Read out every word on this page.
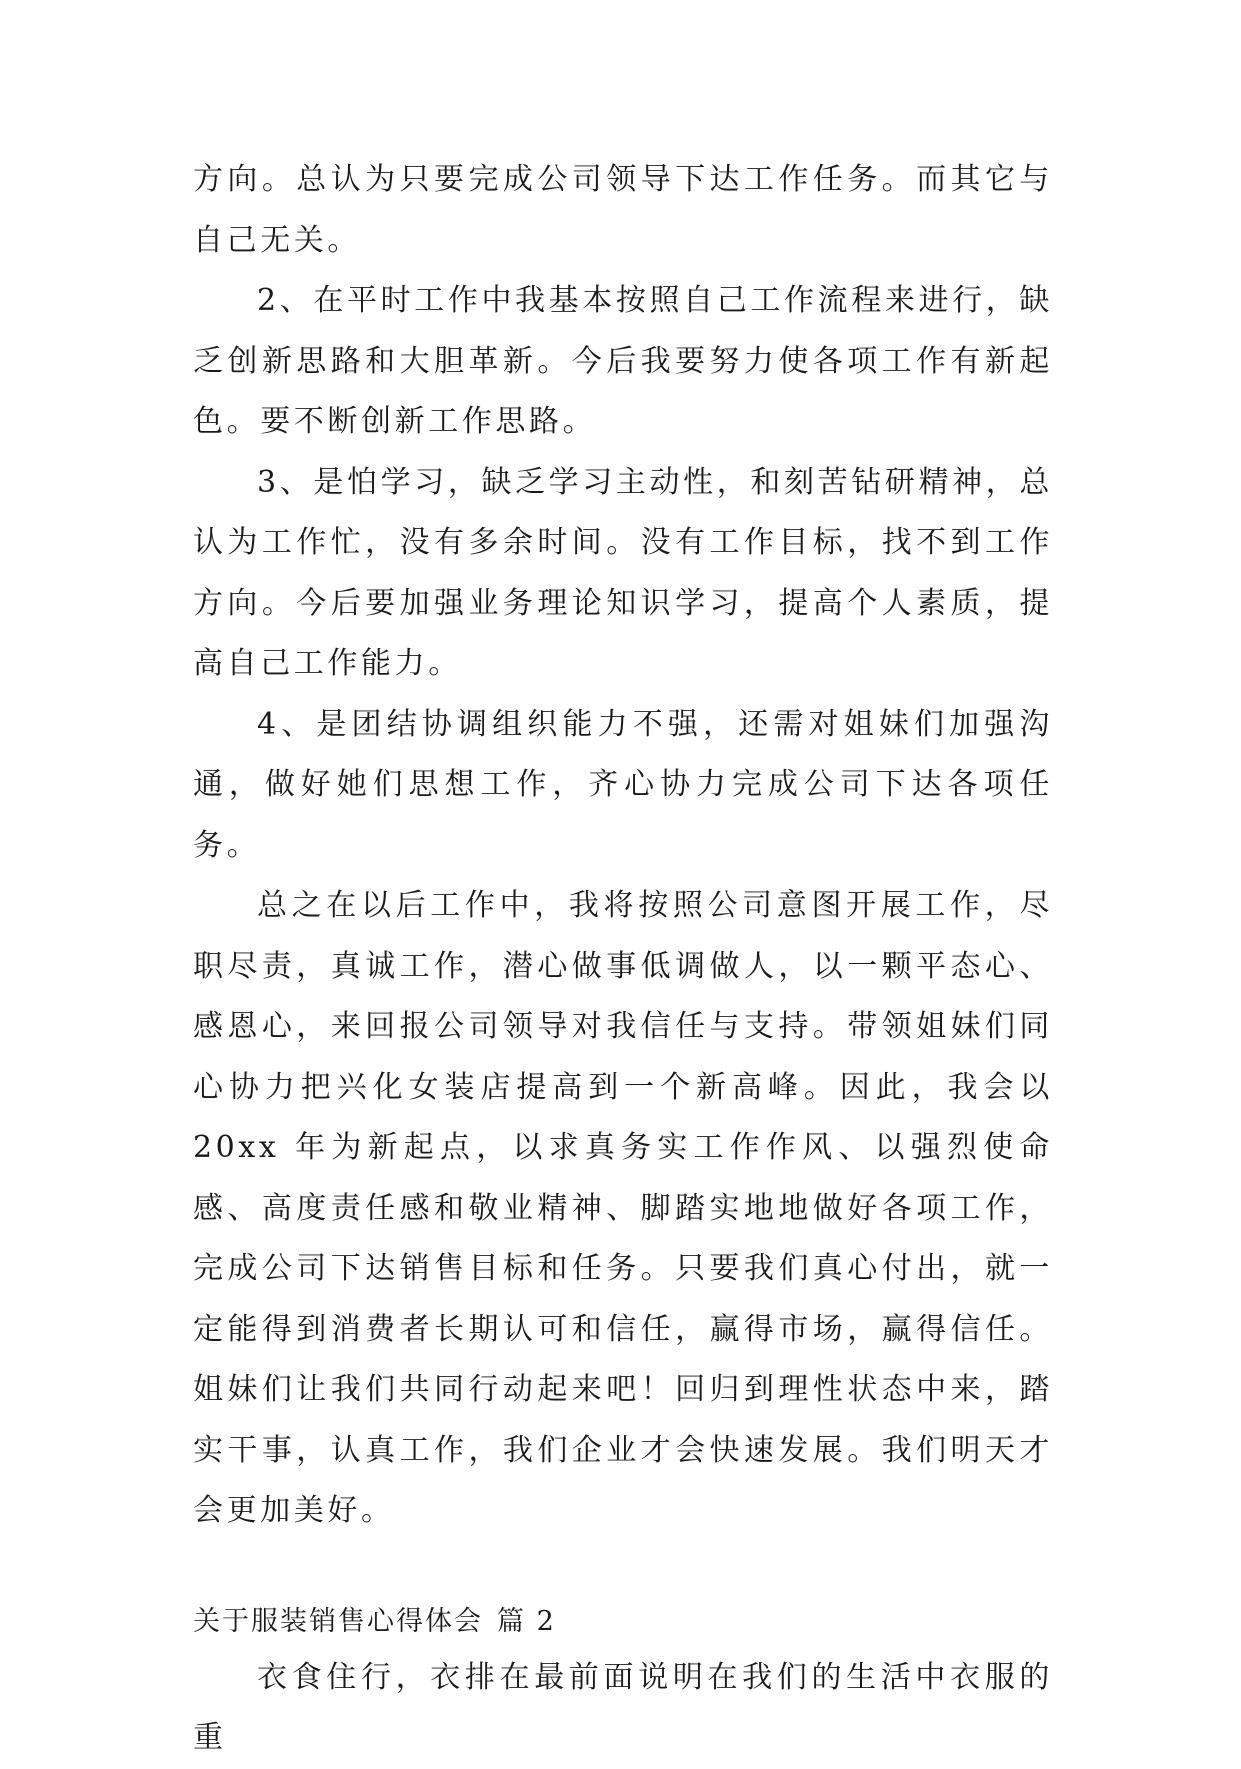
方向。总认为只要完成公司领导下达工作任务。而其它与自己无关。

2、在平时工作中我基本按照自己工作流程来进行，缺乏创新思路和大胆革新。今后我要努力使各项工作有新起色。要不断创新工作思路。

3、是怕学习，缺乏学习主动性，和刻苦钻研精神，总认为工作忙，没有多余时间。没有工作目标，找不到工作方向。今后要加强业务理论知识学习，提高个人素质，提高自己工作能力。

4、是团结协调组织能力不强，还需对姐妹们加强沟通，做好她们思想工作，齐心协力完成公司下达各项任务。

总之在以后工作中，我将按照公司意图开展工作，尽职尽责，真诚工作，潜心做事低调做人，以一颗平态心、感恩心，来回报公司领导对我信任与支持。带领姐妹们同心协力把兴化女装店提高到一个新高峰。因此，我会以 20xx 年为新起点，以求真务实工作作风、以强烈使命感、高度责任感和敬业精神、脚踏实地地做好各项工作，完成公司下达销售目标和任务。只要我们真心付出，就一定能得到消费者长期认可和信任，赢得市场，赢得信任。姐妹们让我们共同行动起来吧！回归到理性状态中来，踏实干事，认真工作，我们企业才会快速发展。我们明天才会更加美好。

关于服装销售心得体会 篇 2

衣食住行，衣排在最前面说明在我们的生活中衣服的重
